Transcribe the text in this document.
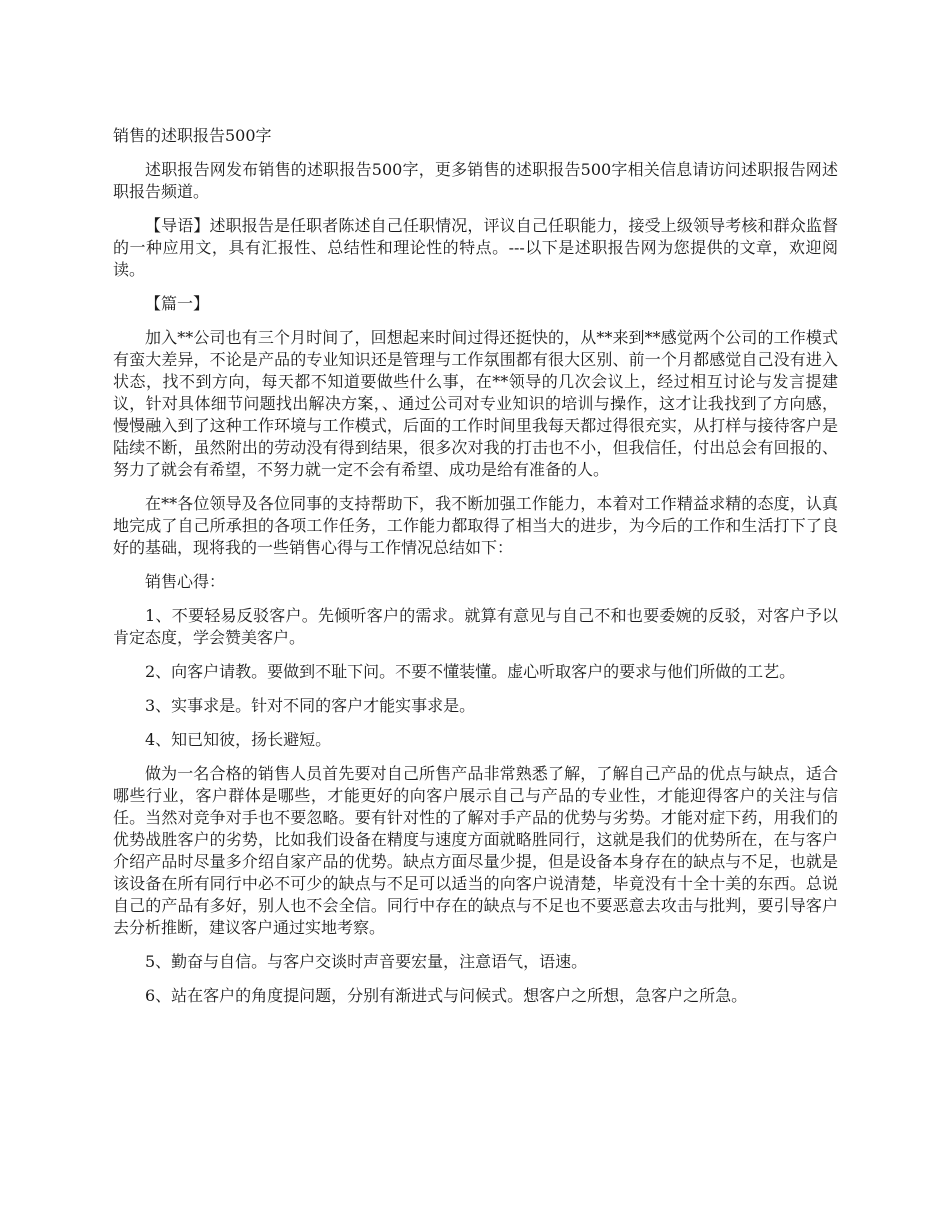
销售的述职报告500字

述职报告网发布销售的述职报告500字，更多销售的述职报告500字相关信息请访问述职报告网述职报告频道。

【导语】述职报告是任职者陈述自己任职情况，评议自己任职能力，接受上级领导考核和群众监督的一种应用文，具有汇报性、总结性和理论性的特点。---以下是述职报告网为您提供的文章，欢迎阅读。

【篇一】

加入**公司也有三个月时间了，回想起来时间过得还挺快的，从**来到**感觉两个公司的工作模式有蛮大差异，不论是产品的专业知识还是管理与工作氛围都有很大区别、前一个月都感觉自己没有进入状态，找不到方向，每天都不知道要做些什么事，在**领导的几次会议上，经过相互讨论与发言提建议，针对具体细节问题找出解决方案，、通过公司对专业知识的培训与操作，这才让我找到了方向感，慢慢融入到了这种工作环境与工作模式，后面的工作时间里我每天都过得很充实，从打样与接待客户是陆续不断，虽然附出的劳动没有得到结果，很多次对我的打击也不小，但我信任，付出总会有回报的、努力了就会有希望，不努力就一定不会有希望、成功是给有准备的人。

在**各位领导及各位同事的支持帮助下，我不断加强工作能力，本着对工作精益求精的态度，认真地完成了自己所承担的各项工作任务，工作能力都取得了相当大的进步，为今后的工作和生活打下了良好的基础，现将我的一些销售心得与工作情况总结如下：

销售心得：

1、不要轻易反驳客户。先倾听客户的需求。就算有意见与自己不和也要委婉的反驳，对客户予以肯定态度，学会赞美客户。

2、向客户请教。要做到不耻下问。不要不懂装懂。虚心听取客户的要求与他们所做的工艺。

3、实事求是。针对不同的客户才能实事求是。

4、知已知彼，扬长避短。

做为一名合格的销售人员首先要对自己所售产品非常熟悉了解，了解自己产品的优点与缺点，适合哪些行业，客户群体是哪些，才能更好的向客户展示自己与产品的专业性，才能迎得客户的关注与信任。当然对竞争对手也不要忽略。要有针对性的了解对手产品的优势与劣势。才能对症下药，用我们的优势战胜客户的劣势，比如我们设备在精度与速度方面就略胜同行，这就是我们的优势所在，在与客户介绍产品时尽量多介绍自家产品的优势。缺点方面尽量少提，但是设备本身存在的缺点与不足，也就是该设备在所有同行中必不可少的缺点与不足可以适当的向客户说清楚，毕竟没有十全十美的东西。总说自己的产品有多好，别人也不会全信。同行中存在的缺点与不足也不要恶意去攻击与批判，要引导客户去分析推断，建议客户通过实地考察。

5、勤奋与自信。与客户交谈时声音要宏量，注意语气，语速。

6、站在客户的角度提问题，分别有渐进式与问候式。想客户之所想，急客户之所急。
